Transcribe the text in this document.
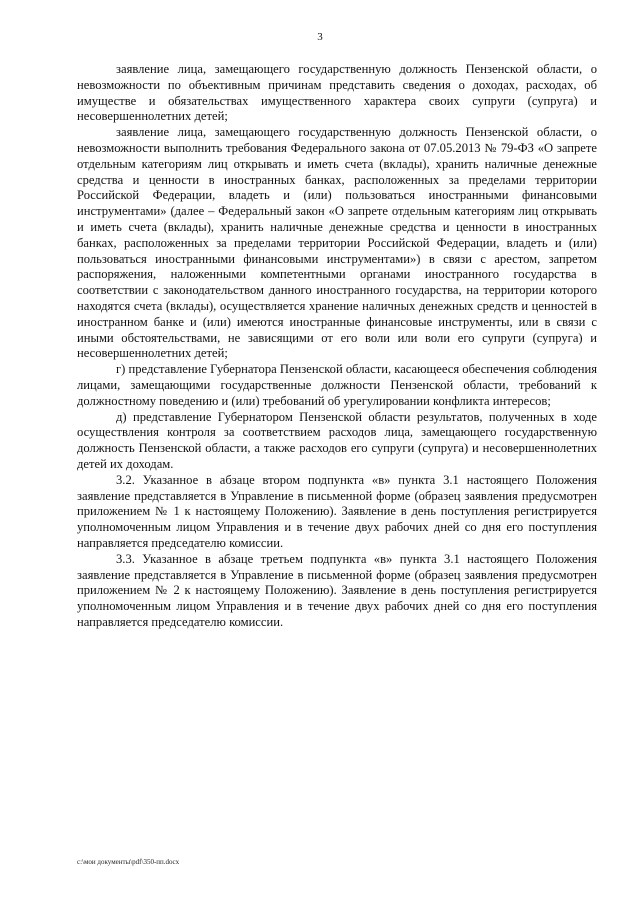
3

заявление лица, замещающего государственную должность Пензенской области, о невозможности по объективным причинам представить сведения о доходах, расходах, об имуществе и обязательствах имущественного характера своих супруги (супруга) и несовершеннолетних детей;

заявление лица, замещающего государственную должность Пензенской области, о невозможности выполнить требования Федерального закона от 07.05.2013 № 79-ФЗ «О запрете отдельным категориям лиц открывать и иметь счета (вклады), хранить наличные денежные средства и ценности в иностранных банках, расположенных за пределами территории Российской Федерации, владеть и (или) пользоваться иностранными финансовыми инструментами» (далее – Федеральный закон «О запрете отдельным категориям лиц открывать и иметь счета (вклады), хранить наличные денежные средства и ценности в иностранных банках, расположенных за пределами территории Российской Федерации, владеть и (или) пользоваться иностранными финансовыми инструментами») в связи с арестом, запретом распоряжения, наложенными компетентными органами иностранного государства в соответствии с законодательством данного иностранного государства, на территории которого находятся счета (вклады), осуществляется хранение наличных денежных средств и ценностей в иностранном банке и (или) имеются иностранные финансовые инструменты, или в связи с иными обстоятельствами, не зависящими от его воли или воли его супруги (супруга) и несовершеннолетних детей;

г) представление Губернатора Пензенской области, касающееся обеспечения соблюдения лицами, замещающими государственные должности Пензенской области, требований к должностному поведению и (или) требований об урегулировании конфликта интересов;

д) представление Губернатором Пензенской области результатов, полученных в ходе осуществления контроля за соответствием расходов лица, замещающего государственную должность Пензенской области, а также расходов его супруги (супруга) и несовершеннолетних детей их доходам.

3.2. Указанное в абзаце втором подпункта «в» пункта 3.1 настоящего Положения заявление представляется в Управление в письменной форме (образец заявления предусмотрен приложением № 1 к настоящему Положению). Заявление в день поступления регистрируется уполномоченным лицом Управления и в течение двух рабочих дней со дня его поступления направляется председателю комиссии.

3.3. Указанное в абзаце третьем подпункта «в» пункта 3.1 настоящего Положения заявление представляется в Управление в письменной форме (образец заявления предусмотрен приложением № 2 к настоящему Положению). Заявление в день поступления регистрируется уполномоченным лицом Управления и в течение двух рабочих дней со дня его поступления направляется председателю комиссии.

c:\мои документы\pdf\350-пп.docx
